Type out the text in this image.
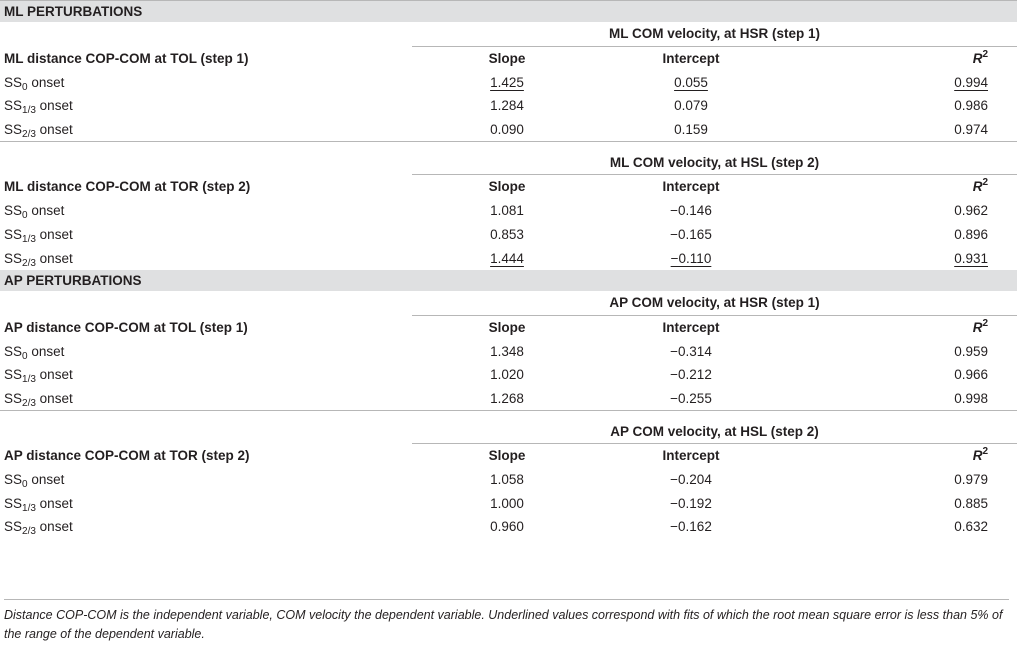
ML PERTURBATIONS			
	ML COM velocity, at HSR (step 1)		
ML distance COP-COM at TOL (step 1)	Slope	Intercept	$R^2$
$SS_0$ onset	1.425	0.055	0.994
$SS_{1/3}$ onset	1.284	0.079	0.986
$SS_{2/3}$ onset	0.090	0.159	0.974
	ML COM velocity, at HSL (step 2)		
ML distance COP-COM at TOR (step 2)	Slope	Intercept	$R^2$
$SS_0$ onset	1.081	−0.146	0.962
$SS_{1/3}$ onset	0.853	−0.165	0.896
$SS_{2/3}$ onset	1.444	−0.110	0.931
AP PERTURBATIONS			
	AP COM velocity, at HSR (step 1)		
AP distance COP-COM at TOL (step 1)	Slope	Intercept	$R^2$
$SS_0$ onset	1.348	−0.314	0.959
$SS_{1/3}$ onset	1.020	−0.212	0.966
$SS_{2/3}$ onset	1.268	−0.255	0.998
	AP COM velocity, at HSL (step 2)		
AP distance COP-COM at TOR (step 2)	Slope	Intercept	$R^2$
$SS_0$ onset	1.058	−0.204	0.979
$SS_{1/3}$ onset	1.000	−0.192	0.885
$SS_{2/3}$ onset	0.960	−0.162	0.632
Distance COP-COM is the independent variable, COM velocity the dependent variable. Underlined values correspond with fits of which the root mean square error is less than 5% of the range of the dependent variable.
